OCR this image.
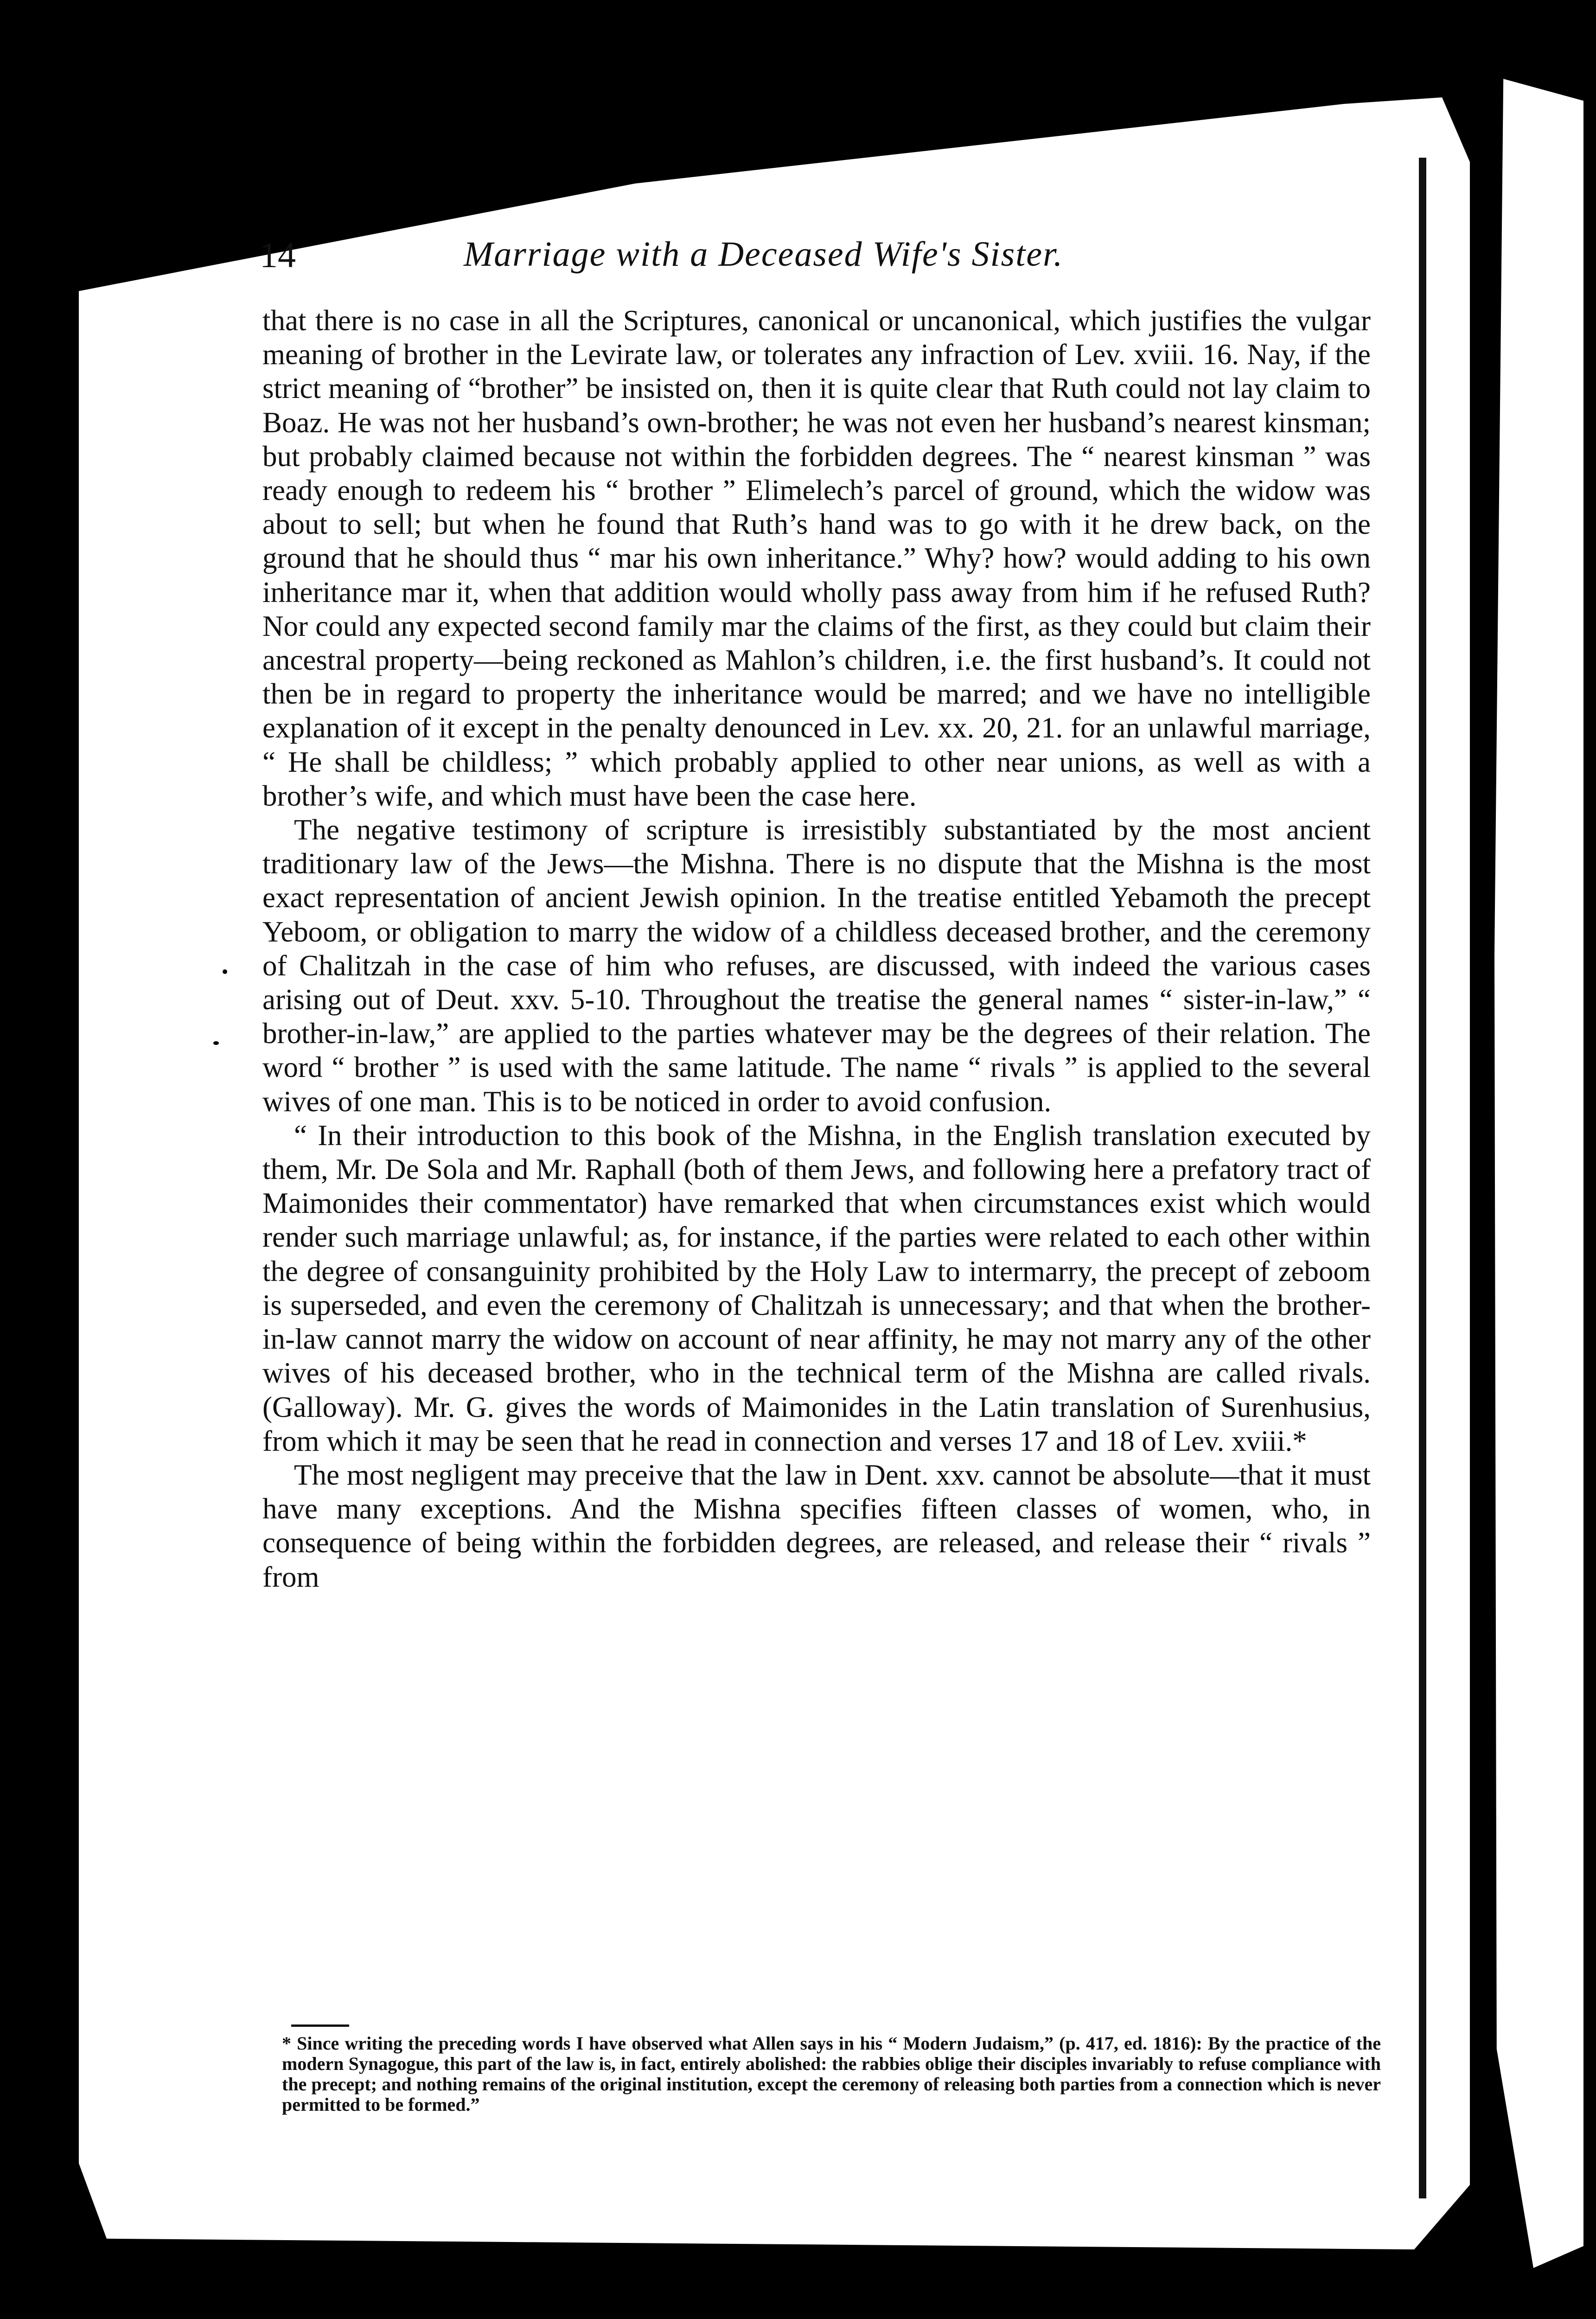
14	Marriage with a Deceased Wife's Sister.

that there is no case in all the Scriptures, canonical or uncanonical, which justifies the vulgar meaning of brother in the Levirate law, or tolerates any infraction of Lev. xviii. 16. Nay, if the strict meaning of “brother” be insisted on, then it is quite clear that Ruth could not lay claim to Boaz. He was not her husband’s own-brother; he was not even her husband’s nearest kinsman; but probably claimed because not within the forbidden degrees. The “ nearest kinsman ” was ready enough to redeem his “ brother ” Elimelech’s parcel of ground, which the widow was about to sell; but when he found that Ruth’s hand was to go with it he drew back, on the ground that he should thus “ mar his own inheritance.” Why? how? would adding to his own inheritance mar it, when that addition would wholly pass away from him if he refused Ruth? Nor could any expected second family mar the claims of the first, as they could but claim their ancestral property—being reckoned as Mahlon’s children, i.e. the first husband’s. It could not then be in regard to property the inheritance would be marred; and we have no intelligible explanation of it except in the penalty denounced in Lev. xx. 20, 21. for an unlawful marriage, “ He shall be childless; ” which probably applied to other near unions, as well as with a brother’s wife, and which must have been the case here.

The negative testimony of scripture is irresistibly substantiated by the most ancient traditionary law of the Jews—the Mishna. There is no dispute that the Mishna is the most exact representation of ancient Jewish opinion. In the treatise entitled Yebamoth the precept Yeboom, or obligation to marry the widow of a childless deceased brother, and the ceremony of Chalitzah in the case of him who refuses, are discussed, with indeed the various cases arising out of Deut. xxv. 5-10. Throughout the treatise the general names “ sister-in-law,” “ brother-in-law,” are applied to the parties whatever may be the degrees of their relation. The word “ brother ” is used with the same latitude. The name “ rivals ” is applied to the several wives of one man. This is to be noticed in order to avoid confusion.

“ In their introduction to this book of the Mishna, in the English translation executed by them, Mr. De Sola and Mr. Raphall (both of them Jews, and following here a prefatory tract of Maimonides their commentator) have remarked that when circumstances exist which would render such marriage unlawful; as, for instance, if the parties were related to each other within the degree of consanguinity prohibited by the Holy Law to intermarry, the precept of zeboom is superseded, and even the ceremony of Chalitzah is unnecessary; and that when the brother-in-law cannot marry the widow on account of near affinity, he may not marry any of the other wives of his deceased brother, who in the technical term of the Mishna are called rivals. (Galloway). Mr. G. gives the words of Maimonides in the Latin translation of Surenhusius, from which it may be seen that he read in connection and verses 17 and 18 of Lev. xviii.*

The most negligent may preceive that the law in Dent. xxv. cannot be absolute—that it must have many exceptions. And the Mishna specifies fifteen classes of women, who, in consequence of being within the forbidden degrees, are released, and release their “ rivals ” from

* Since writing the preceding words I have observed what Allen says in his “ Modern Judaism,” (p. 417, ed. 1816): By the practice of the modern Synagogue, this part of the law is, in fact, entirely abolished: the rabbies oblige their disciples invariably to refuse compliance with the precept; and nothing remains of the original institution, except the ceremony of releasing both parties from a connection which is never permitted to be formed.”
